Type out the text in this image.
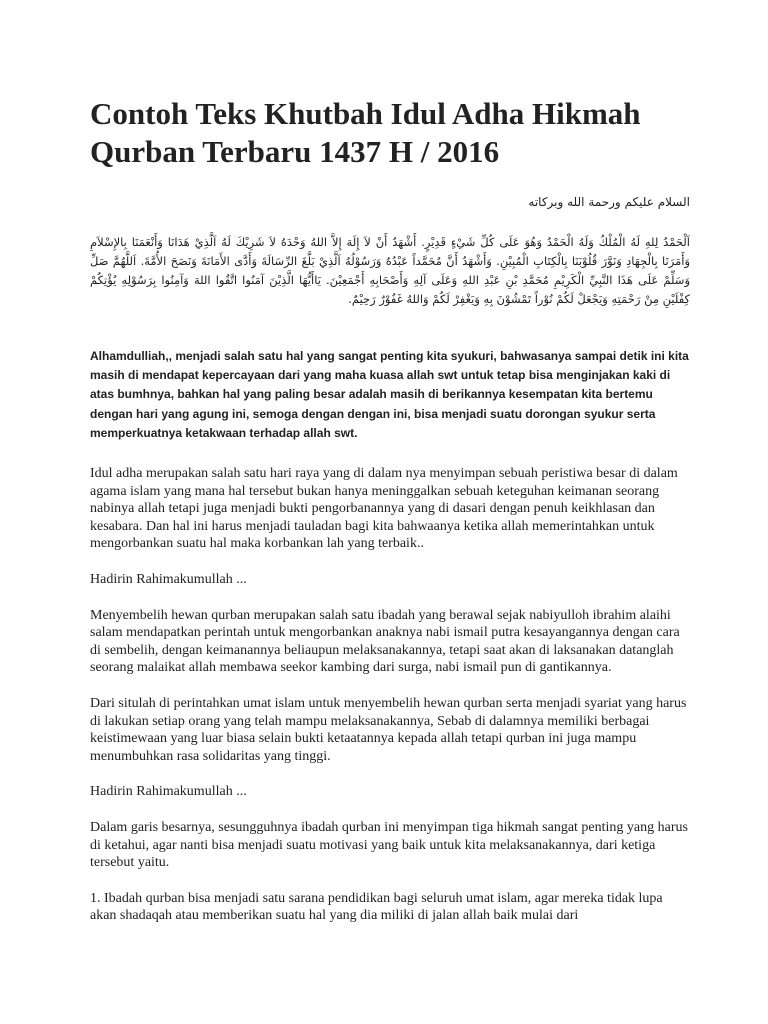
Contoh Teks Khutbah Idul Adha Hikmah Qurban Terbaru 1437 H / 2016
السلام عليكم ورحمة الله وبركاته
اَلْحَمْدُ لِلهِ لَهُ الْمُلْكُ وَلَهُ الْحَمْدُ وَهُوَ عَلَى كُلِّ شَيْءٍ قَدِيْرٍ. أَشْهَدُ أَنْ لاَ إِلَهَ إِلاَّ اللهُ وَحْدَهُ لاَ شَرِيْكَ لَهُ اَلَّذِيْ هَدَانَا وَأَنْعَمَنَا بِالإِسْلاَمِ وَأَمَرَنَا بِالْجِهَادِ وَنَوَّرَ قُلُوْبَنَا بِالْكِتَابِ الْمُبِيْنِ. وَأَشْهَدُ أَنَّ مُحَمَّداً عَبْدُهُ وَرَسُوْلُهُ اَلَّذِيْ بَلَّغَ الرِّسَالَةَ وَأَدَّى الأَمَانَةَ وَنَصَحَ الأُمَّةَ. اَللَّهُمَّ صَلِّ وَسَلِّمْ عَلَى هَذَا النَّبِيِّ الْكَرِيْمِ مُحَمَّدِ بْنِ عَبْدِ اللهِ وَعَلَى آلِهِ وَأَصْحَابِهِ أَجْمَعِيْنَ. يَاأَيُّهَا الَّذِيْنَ آمَنُوا اتَّقُوا اللهَ وَآمِنُوا بِرَسُوْلِهِ يُؤْتِكُمْ كِفْلَيْنِ مِنْ رَحْمَتِهِ وَيَجْعَلْ لَكُمْ نُوْراً تَمْشُوْنَ بِهِ وَيَغْفِرْ لَكُمْ وَاللهُ غَفُوْرٌ رَحِيْمٌ.

Alhamdulliah,, menjadi salah satu hal yang sangat penting kita syukuri, bahwasanya sampai detik ini kita masih di mendapat kepercayaan dari yang maha kuasa allah swt untuk tetap bisa menginjakan kaki di atas bumhnya, bahkan hal yang paling besar adalah masih di berikannya kesempatan kita bertemu dengan hari yang agung ini, semoga dengan dengan ini, bisa menjadi suatu dorongan syukur serta memperkuatnya ketakwaan terhadap allah swt.

Idul adha merupakan salah satu hari raya yang di dalam nya menyimpan sebuah peristiwa besar di dalam agama islam yang mana hal tersebut bukan hanya meninggalkan sebuah keteguhan keimanan seorang nabinya allah tetapi juga menjadi bukti pengorbanannya yang di dasari dengan penuh keikhlasan dan kesabara. Dan hal ini harus menjadi tauladan bagi kita bahwaanya ketika allah memerintahkan untuk mengorbankan suatu hal maka korbankan lah yang terbaik..

Hadirin Rahimakumullah ...

Menyembelih hewan qurban merupakan salah satu ibadah yang berawal sejak nabiyulloh ibrahim alaihi salam mendapatkan perintah untuk mengorbankan anaknya nabi ismail putra kesayangannya dengan cara di sembelih, dengan keimanannya beliaupun melaksanakannya, tetapi saat akan di laksanakan datanglah seorang malaikat allah membawa seekor kambing dari surga, nabi ismail pun di gantikannya.

Dari situlah di perintahkan umat islam untuk menyembelih hewan qurban serta menjadi syariat yang harus di lakukan setiap orang yang telah mampu melaksanakannya, Sebab di dalamnya memiliki berbagai keistimewaan yang luar biasa selain bukti ketaatannya kepada allah tetapi qurban ini juga mampu menumbuhkan rasa solidaritas yang tinggi.

Hadirin Rahimakumullah ...

Dalam garis besarnya, sesungguhnya ibadah qurban ini menyimpan tiga hikmah sangat penting yang harus di ketahui, agar nanti bisa menjadi suatu motivasi yang baik untuk kita melaksanakannya, dari ketiga tersebut yaitu.

1. Ibadah qurban bisa menjadi satu sarana pendidikan bagi seluruh umat islam, agar mereka tidak lupa akan shadaqah atau memberikan suatu hal yang dia miliki di jalan allah baik mulai dari
